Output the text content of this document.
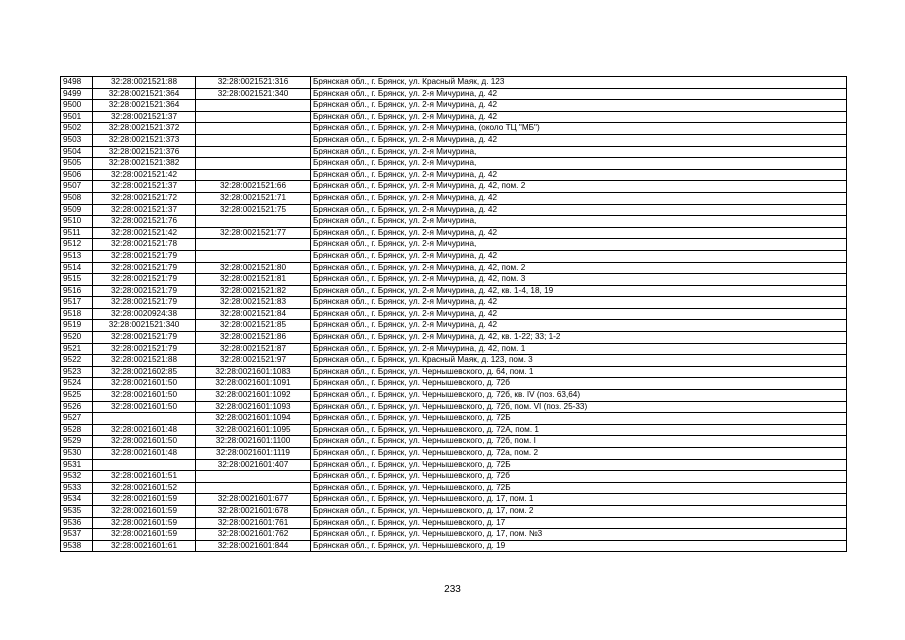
9498	32:28:0021521:88	32:28:0021521:316	Брянская обл., г. Брянск, ул. Красный Маяк, д. 123
9499	32:28:0021521:364	32:28:0021521:340	Брянская обл., г. Брянск, ул. 2-я Мичурина, д. 42
9500	32:28:0021521:364		Брянская обл., г. Брянск, ул. 2-я Мичурина, д. 42
9501	32:28:0021521:37		Брянская обл., г. Брянск, ул. 2-я Мичурина, д. 42
9502	32:28:0021521:372		Брянская обл., г. Брянск, ул. 2-я Мичурина, (около ТЦ "МБ")
9503	32:28:0021521:373		Брянская обл., г. Брянск, ул. 2-я Мичурина, д. 42
9504	32:28:0021521:376		Брянская обл., г. Брянск, ул. 2-я Мичурина,
9505	32:28:0021521:382		Брянская обл., г. Брянск, ул. 2-я Мичурина,
9506	32:28:0021521:42		Брянская обл., г. Брянск, ул. 2-я Мичурина, д. 42
9507	32:28:0021521:37	32:28:0021521:66	Брянская обл., г. Брянск, ул. 2-я Мичурина, д. 42, пом. 2
9508	32:28:0021521:72	32:28:0021521:71	Брянская обл., г. Брянск, ул. 2-я Мичурина, д. 42
9509	32:28:0021521:37	32:28:0021521:75	Брянская обл., г. Брянск, ул. 2-я Мичурина, д. 42
9510	32:28:0021521:76		Брянская обл., г. Брянск, ул. 2-я Мичурина,
9511	32:28:0021521:42	32:28:0021521:77	Брянская обл., г. Брянск, ул. 2-я Мичурина, д. 42
9512	32:28:0021521:78		Брянская обл., г. Брянск, ул. 2-я Мичурина,
9513	32:28:0021521:79		Брянская обл., г. Брянск, ул. 2-я Мичурина, д. 42
9514	32:28:0021521:79	32:28:0021521:80	Брянская обл., г. Брянск, ул. 2-я Мичурина, д. 42, пом. 2
9515	32:28:0021521:79	32:28:0021521:81	Брянская обл., г. Брянск, ул. 2-я Мичурина, д. 42, пом. 3
9516	32:28:0021521:79	32:28:0021521:82	Брянская обл., г. Брянск, ул. 2-я Мичурина, д. 42, кв. 1-4, 18, 19
9517	32:28:0021521:79	32:28:0021521:83	Брянская обл., г. Брянск, ул. 2-я Мичурина, д. 42
9518	32:28:0020924:38	32:28:0021521:84	Брянская обл., г. Брянск, ул. 2-я Мичурина, д. 42
9519	32:28:0021521:340	32:28:0021521:85	Брянская обл., г. Брянск, ул. 2-я Мичурина, д. 42
9520	32:28:0021521:79	32:28:0021521:86	Брянская обл., г. Брянск, ул. 2-я Мичурина, д. 42, кв. 1-22; 33; 1-2
9521	32:28:0021521:79	32:28:0021521:87	Брянская обл., г. Брянск, ул. 2-я Мичурина, д. 42, пом. 1
9522	32:28:0021521:88	32:28:0021521:97	Брянская обл., г. Брянск, ул. Красный Маяк, д. 123, пом. 3
9523	32:28:0021602:85	32:28:0021601:1083	Брянская обл., г. Брянск, ул. Чернышевского, д. 64, пом. 1
9524	32:28:0021601:50	32:28:0021601:1091	Брянская обл., г. Брянск, ул. Чернышевского, д. 72б
9525	32:28:0021601:50	32:28:0021601:1092	Брянская обл., г. Брянск, ул. Чернышевского, д. 72б, кв. IV (поз. 63,64)
9526	32:28:0021601:50	32:28:0021601:1093	Брянская обл., г. Брянск, ул. Чернышевского, д. 72б, пом. VI (поз. 25-33)
9527		32:28:0021601:1094	Брянская обл., г. Брянск, ул. Чернышевского, д. 72Б
9528	32:28:0021601:48	32:28:0021601:1095	Брянская обл., г. Брянск, ул. Чернышевского, д. 72А, пом. 1
9529	32:28:0021601:50	32:28:0021601:1100	Брянская обл., г. Брянск, ул. Чернышевского, д. 72б, пом. I
9530	32:28:0021601:48	32:28:0021601:1119	Брянская обл., г. Брянск, ул. Чернышевского, д. 72а, пом. 2
9531		32:28:0021601:407	Брянская обл., г. Брянск, ул. Чернышевского, д. 72Б
9532	32:28:0021601:51		Брянская обл., г. Брянск, ул. Чернышевского, д. 72б
9533	32:28:0021601:52		Брянская обл., г. Брянск, ул. Чернышевского, д. 72Б
9534	32:28:0021601:59	32:28:0021601:677	Брянская обл., г. Брянск, ул. Чернышевского, д. 17, пом. 1
9535	32:28:0021601:59	32:28:0021601:678	Брянская обл., г. Брянск, ул. Чернышевского, д. 17, пом. 2
9536	32:28:0021601:59	32:28:0021601:761	Брянская обл., г. Брянск, ул. Чернышевского, д. 17
9537	32:28:0021601:59	32:28:0021601:762	Брянская обл., г. Брянск, ул. Чернышевского, д. 17, пом. №3
9538	32:28:0021601:61	32:28:0021601:844	Брянская обл., г. Брянск, ул. Чернышевского, д. 19
233
